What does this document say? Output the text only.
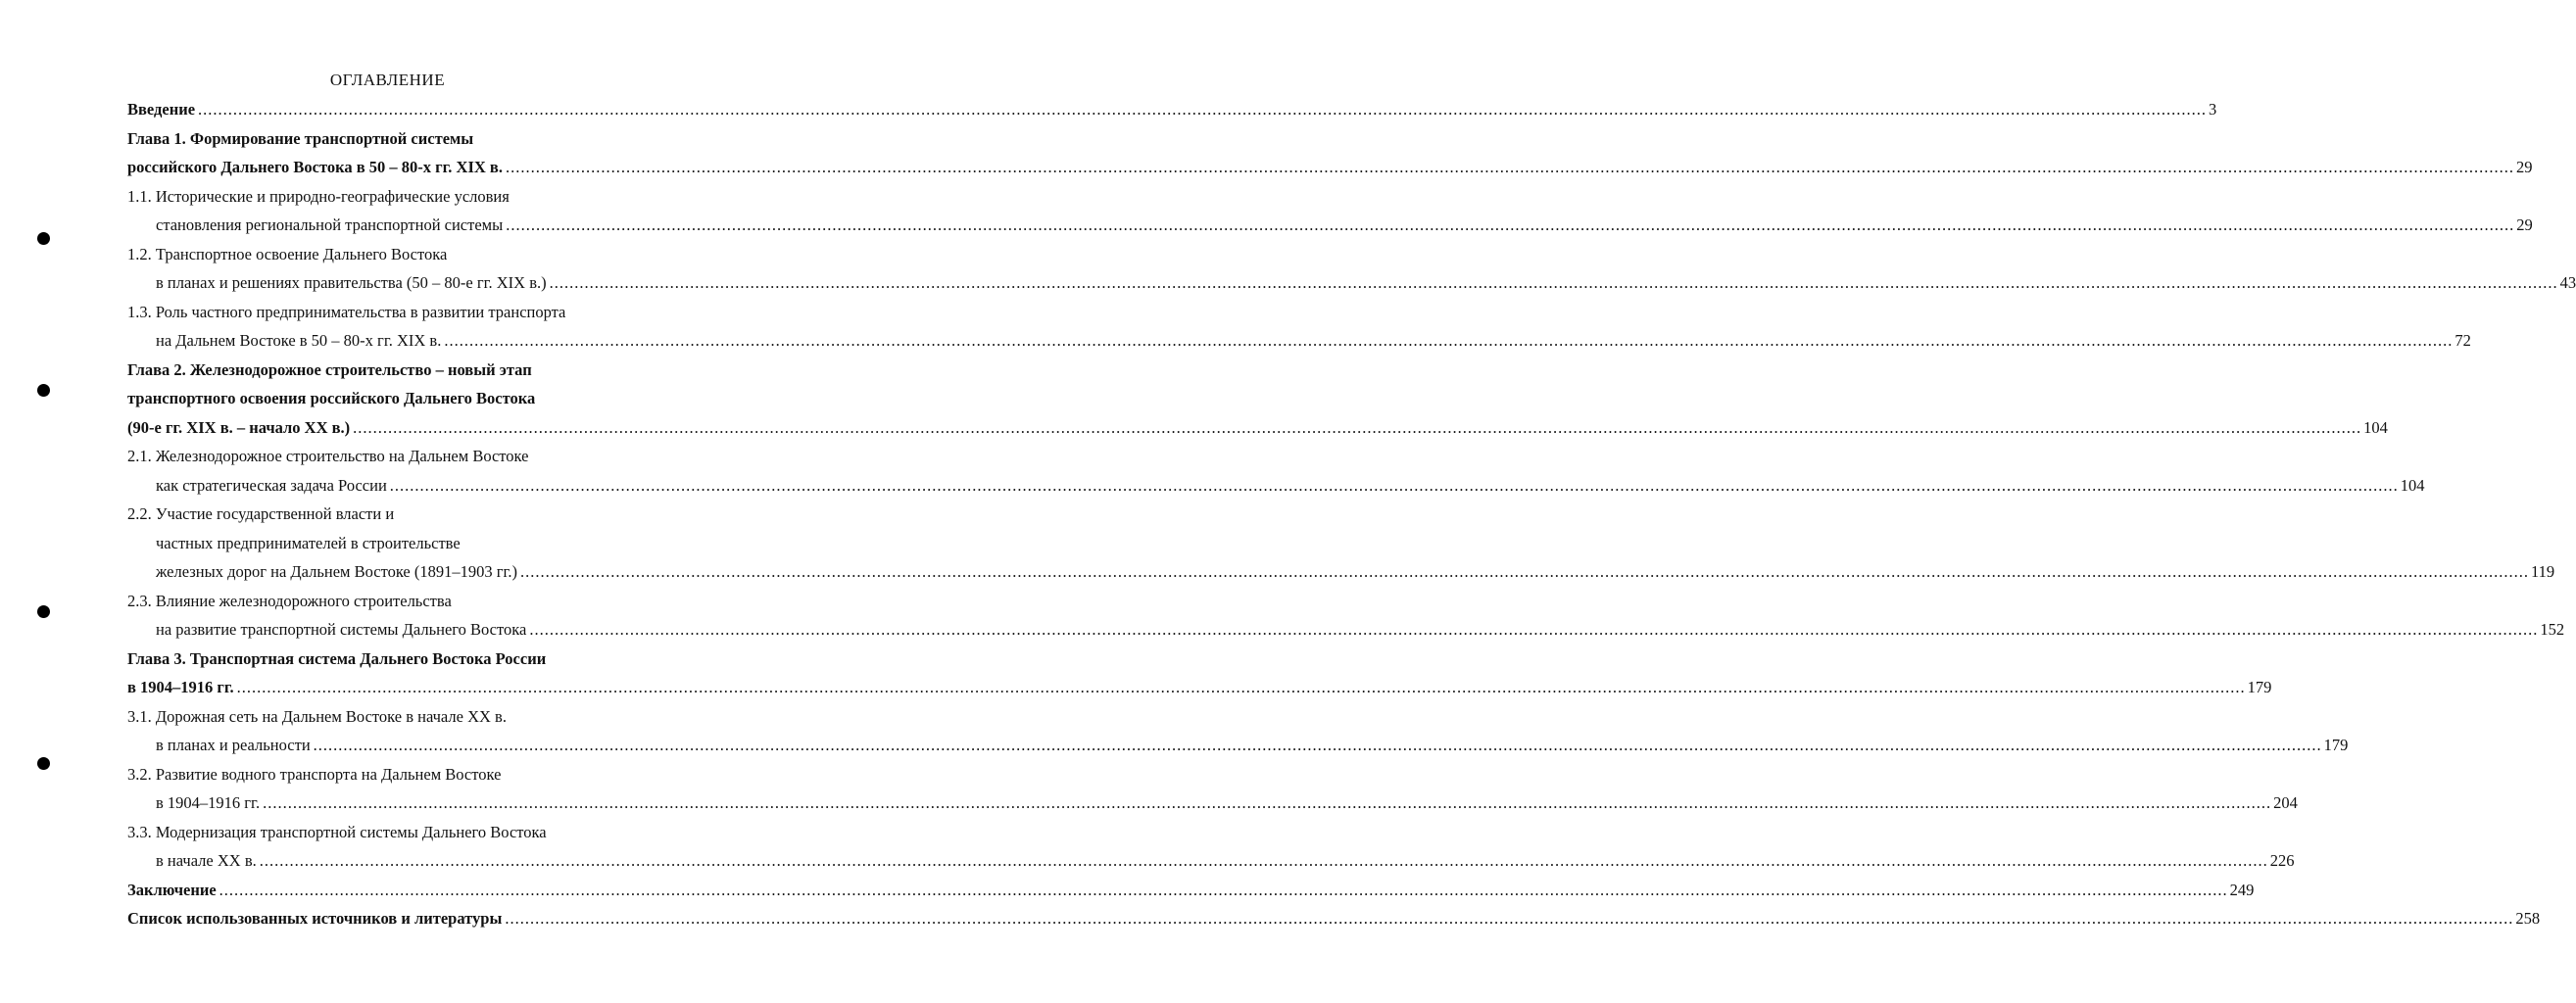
ОГЛАВЛЕНИЕ
Введение ................................................................................................................................................................................................................................................................................................................................................................................................................ 3
Глава 1. Формирование транспортной системы
российского Дальнего Востока в 50 – 80-х гг. XIX в. ................................................................................................................................................................................................................................................................................................................................................................................................................ 29
1.1. Исторические и природно-географические условия
становления региональной транспортной системы ................................................................................................................................................................................................................................................................................................................................................................................................................ 29
1.2. Транспортное освоение Дальнего Востока
в планах и решениях правительства (50 – 80-е гг. XIX в.) ................................................................................................................................................................................................................................................................................................................................................................................................................ 43
1.3. Роль частного предпринимательства в развитии транспорта
на Дальнем Востоке в 50 – 80-х гг. XIX в. ................................................................................................................................................................................................................................................................................................................................................................................................................ 72
Глава 2. Железнодорожное строительство – новый этап
транспортного освоения российского Дальнего Востока
(90-е гг. XIX в. – начало XX в.) ................................................................................................................................................................................................................................................................................................................................................................................................................ 104
2.1. Железнодорожное строительство на Дальнем Востоке
как стратегическая задача России ................................................................................................................................................................................................................................................................................................................................................................................................................ 104
2.2. Участие государственной власти и
частных предпринимателей в строительстве
железных дорог на Дальнем Востоке (1891–1903 гг.) ................................................................................................................................................................................................................................................................................................................................................................................................................ 119
2.3. Влияние железнодорожного строительства
на развитие транспортной системы Дальнего Востока ................................................................................................................................................................................................................................................................................................................................................................................................................ 152
Глава 3. Транспортная система Дальнего Востока России
в 1904–1916 гг. ................................................................................................................................................................................................................................................................................................................................................................................................................ 179
3.1. Дорожная сеть на Дальнем Востоке в начале XX в.
в планах и реальности ................................................................................................................................................................................................................................................................................................................................................................................................................ 179
3.2. Развитие водного транспорта на Дальнем Востоке
в 1904–1916 гг. ................................................................................................................................................................................................................................................................................................................................................................................................................ 204
3.3. Модернизация транспортной системы Дальнего Востока
в начале XX в. ................................................................................................................................................................................................................................................................................................................................................................................................................ 226
Заключение ................................................................................................................................................................................................................................................................................................................................................................................................................ 249
Список использованных источников и литературы ................................................................................................................................................................................................................................................................................................................................................................................................................ 258
